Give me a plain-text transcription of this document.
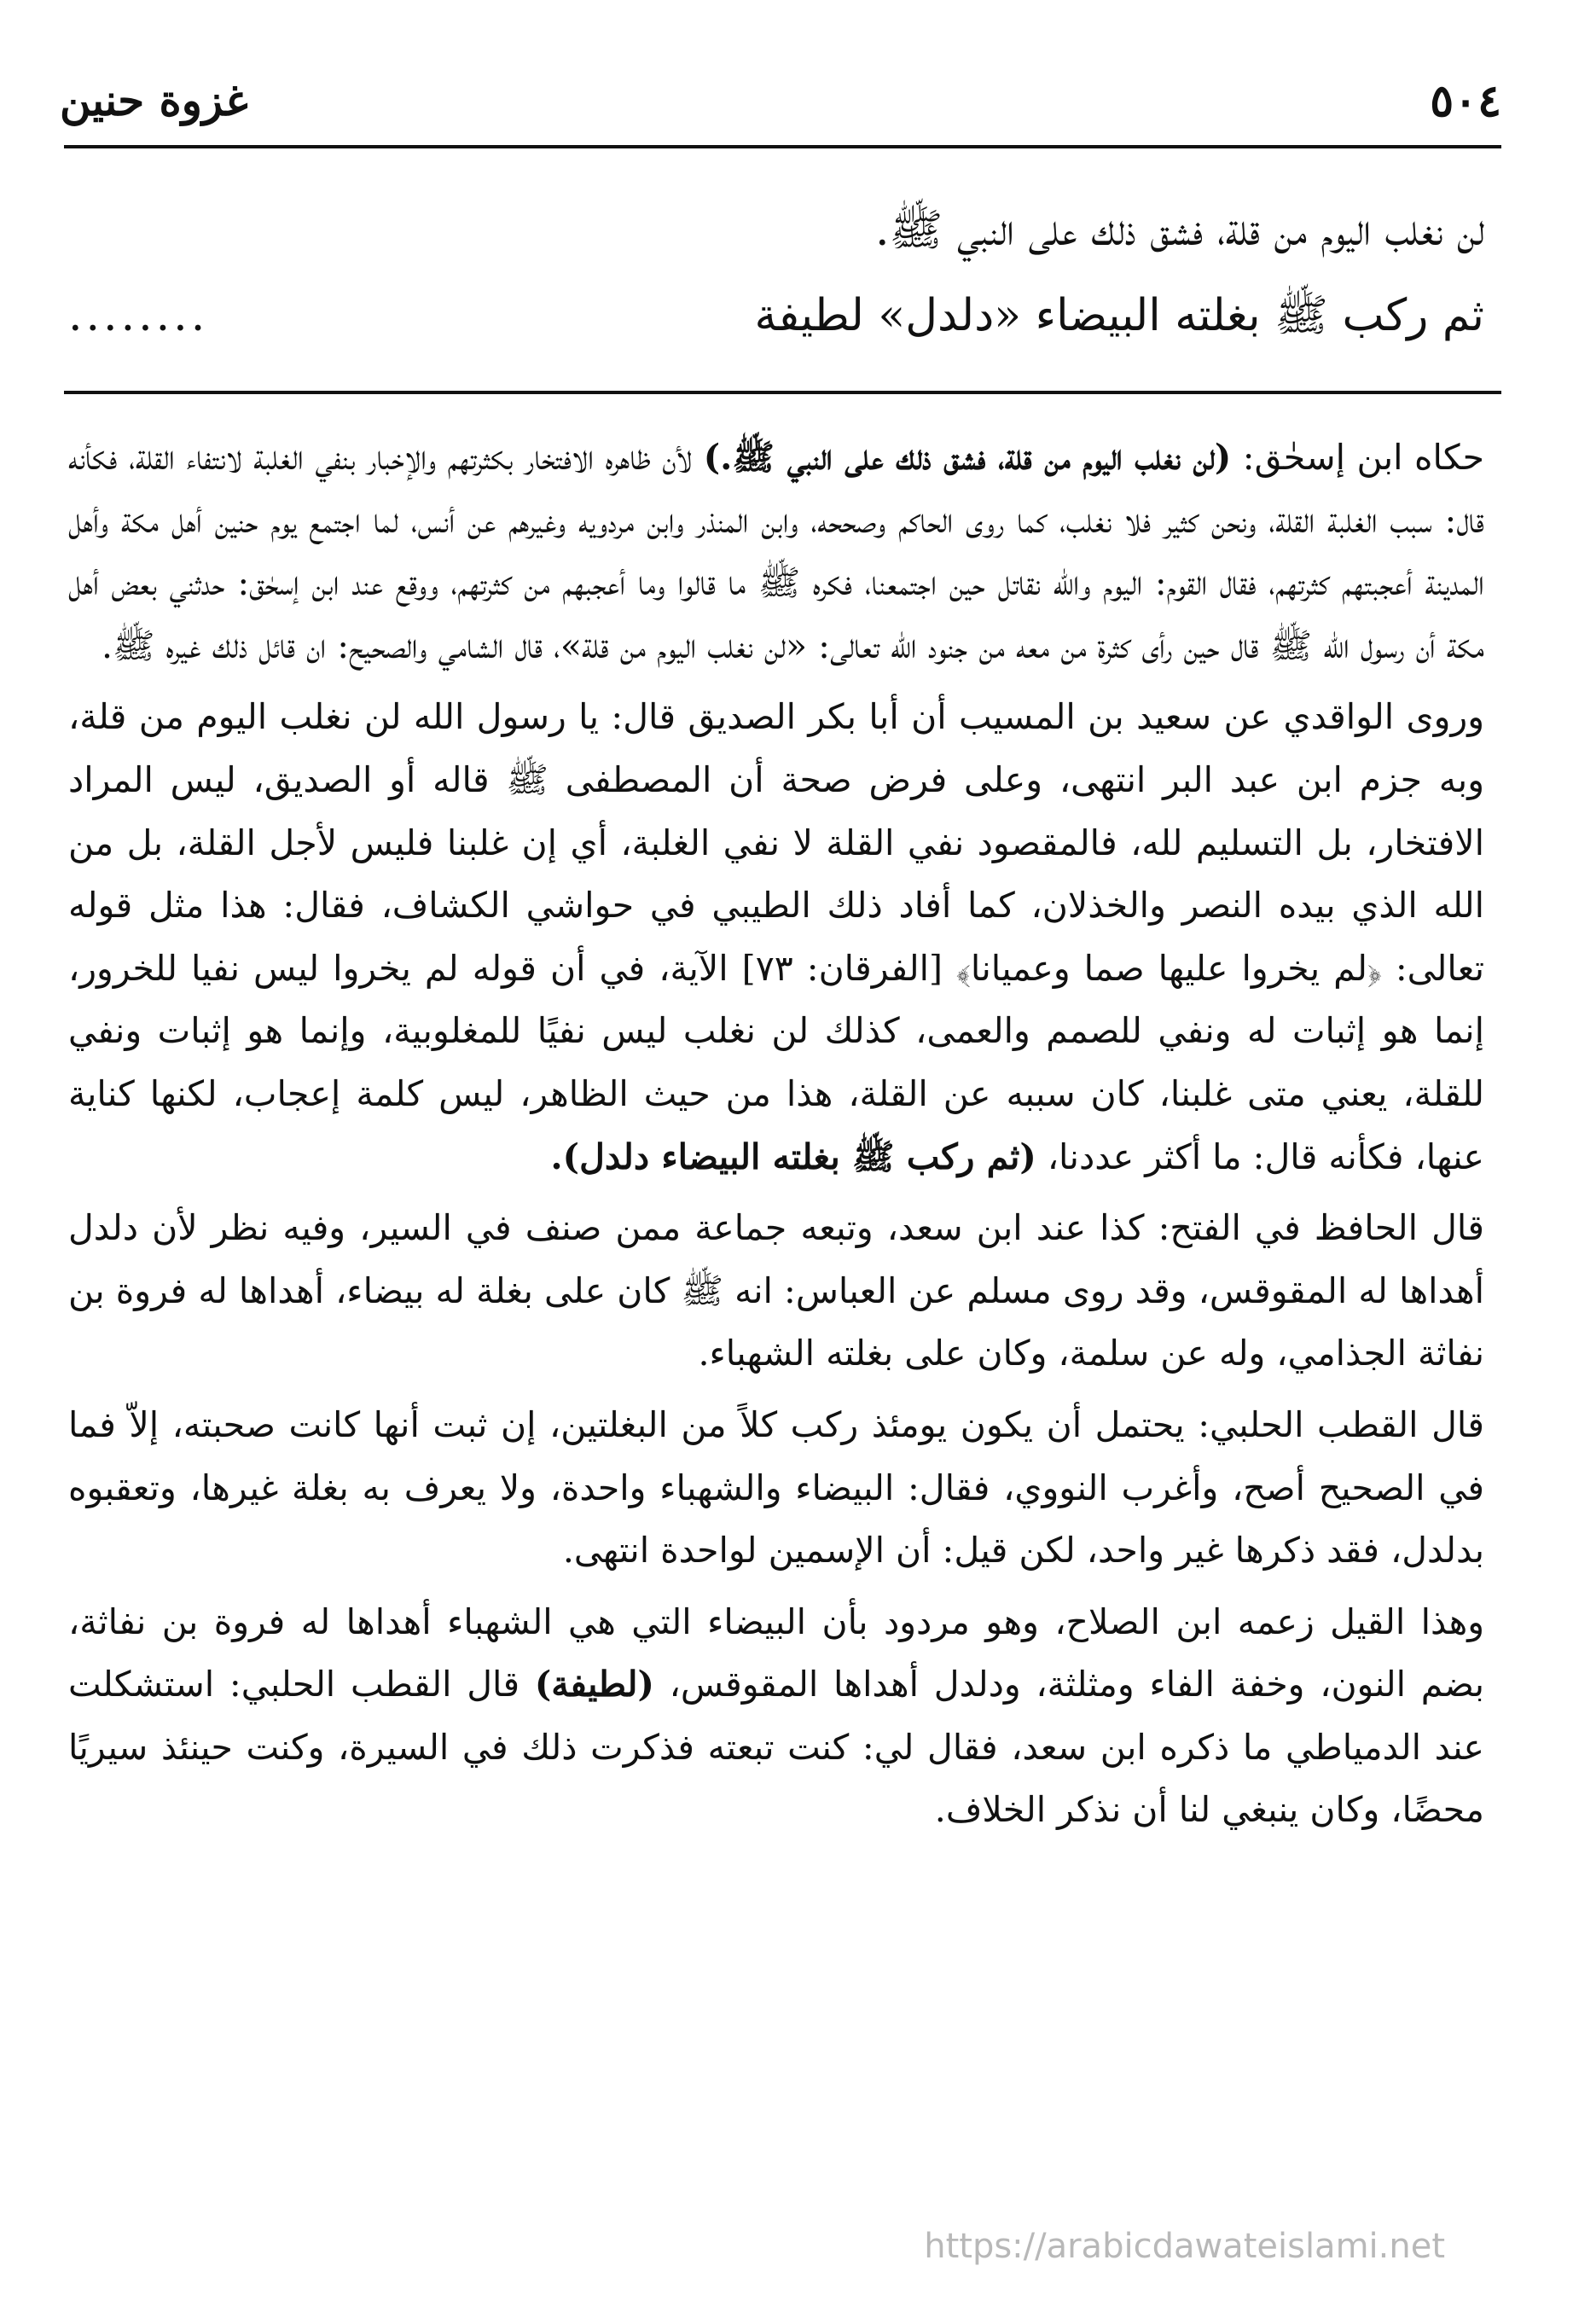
٥٠٤
غزوة حنين

لن نغلب اليوم من قلة، فشق ذلك على النبي ﷺ.

ثم ركب ﷺ بغلته البيضاء «دلدل» لطيفة
........

حكاه ابن إسحٰق: (لن نغلب اليوم من قلة، فشق ذلك على النبي ﷺ.) لأن ظاهره الافتخار بكثرتهم والإخبار بنفي الغلبة لانتفاء القلة، فكأنه قال: سبب الغلبة القلة، ونحن كثير فلا نغلب، كما روى الحاكم وصححه، وابن المنذر وابن مردويه وغيرهم عن أنس، لما اجتمع يوم حنين أهل مكة وأهل المدينة أعجبتهم كثرتهم، فقال القوم: اليوم والله نقاتل حين اجتمعنا، فكره ﷺ ما قالوا وما أعجبهم من كثرتهم، ووقع عند ابن إسحٰق: حدثني بعض أهل مكة أن رسول الله ﷺ قال حين رأى كثرة من معه من جنود الله تعالى: «لن نغلب اليوم من قلة»، قال الشامي والصحيح: ان قائل ذلك غيره ﷺ.

وروى الواقدي عن سعيد بن المسيب أن أبا بكر الصديق قال: يا رسول الله لن نغلب اليوم من قلة، وبه جزم ابن عبد البر انتهى، وعلى فرض صحة أن المصطفى ﷺ قاله أو الصديق، ليس المراد الافتخار، بل التسليم لله، فالمقصود نفي القلة لا نفي الغلبة، أي إن غلبنا فليس لأجل القلة، بل من الله الذي بيده النصر والخذلان، كما أفاد ذلك الطيبي في حواشي الكشاف، فقال: هذا مثل قوله تعالى: ﴿لم يخروا عليها صما وعميانا﴾ [الفرقان: ٧٣] الآية، في أن قوله لم يخروا ليس نفيا للخرور، إنما هو إثبات له ونفي للصمم والعمى، كذلك لن نغلب ليس نفيًا للمغلوبية، وإنما هو إثبات ونفي للقلة، يعني متى غلبنا، كان سببه عن القلة، هذا من حيث الظاهر، ليس كلمة إعجاب، لكنها كناية عنها، فكأنه قال: ما أكثر عددنا، (ثم ركب ﷺ بغلته البيضاء دلدل).

قال الحافظ في الفتح: كذا عند ابن سعد، وتبعه جماعة ممن صنف في السير، وفيه نظر لأن دلدل أهداها له المقوقس، وقد روى مسلم عن العباس: انه ﷺ كان على بغلة له بيضاء، أهداها له فروة بن نفاثة الجذامي، وله عن سلمة، وكان على بغلته الشهباء.

قال القطب الحلبي: يحتمل أن يكون يومئذ ركب كلاً من البغلتين، إن ثبت أنها كانت صحبته، إلاّ فما في الصحيح أصح، وأغرب النووي، فقال: البيضاء والشهباء واحدة، ولا يعرف به بغلة غيرها، وتعقبوه بدلدل، فقد ذكرها غير واحد، لكن قيل: أن الإسمين لواحدة انتهى.

وهذا القيل زعمه ابن الصلاح، وهو مردود بأن البيضاء التي هي الشهباء أهداها له فروة بن نفاثة، بضم النون، وخفة الفاء ومثلثة، ودلدل أهداها المقوقس، (لطيفة) قال القطب الحلبي: استشكلت عند الدمياطي ما ذكره ابن سعد، فقال لي: كنت تبعته فذكرت ذلك في السيرة، وكنت حينئذ سيريًا محضًا، وكان ينبغي لنا أن نذكر الخلاف.

https://arabicdawateislami.net
